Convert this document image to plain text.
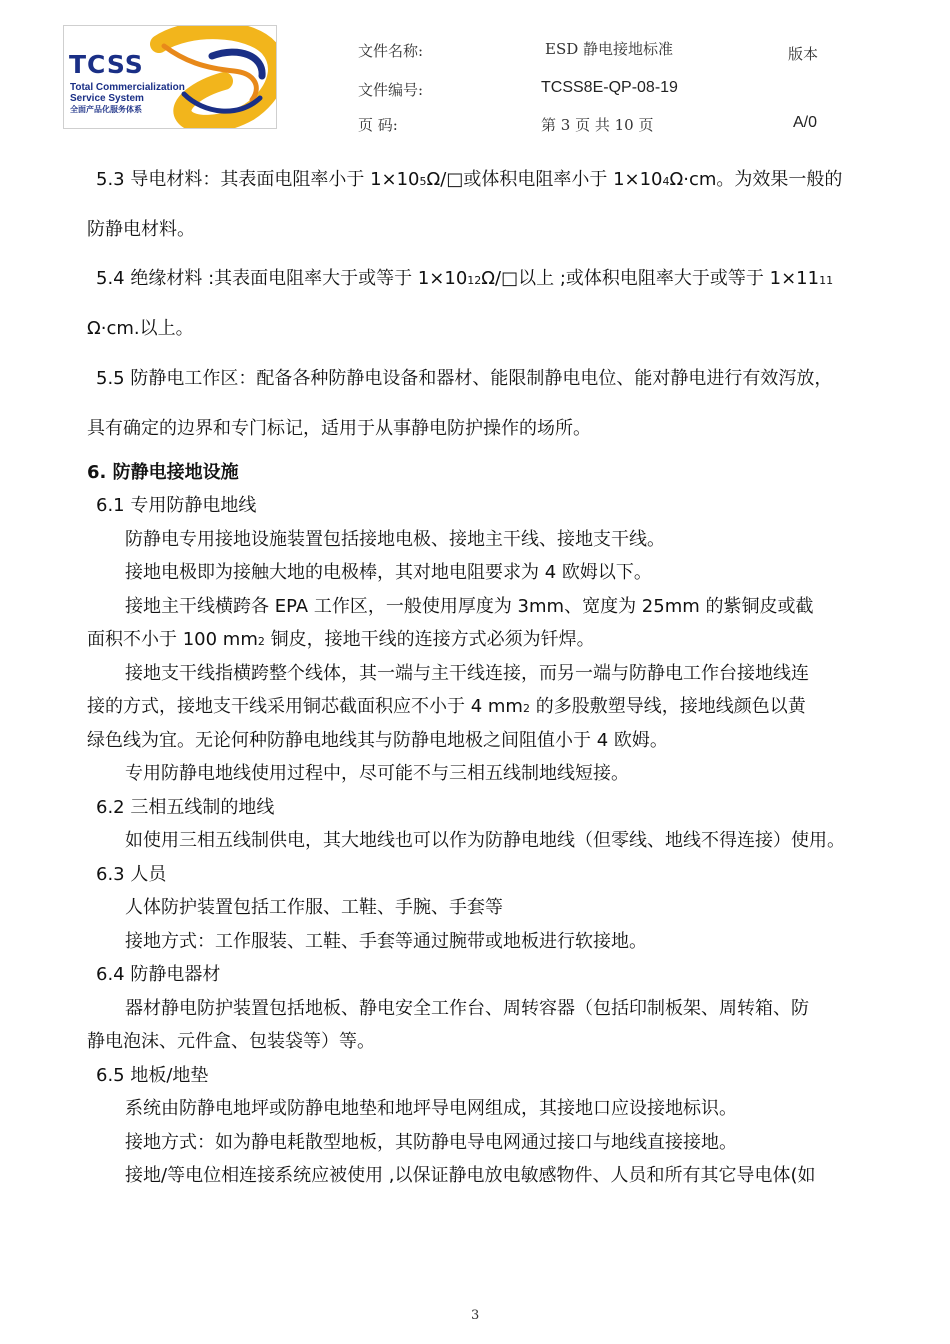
TCSS
Total Commercialization
Service System
全面产品化服务体系
文件名称:	ESD 静电接地标准	版本
文件编号:	TCSS8E-QP-08-19
页 码:	第 3 页 共 10 页	A/0
5.3 导电材料：其表面电阻率小于 1×105Ω/□或体积电阻率小于 1×104Ω·cm。为效果一般的
防静电材料。
5.4 绝缘材料 :其表面电阻率大于或等于 1×1012Ω/□以上 ;或体积电阻率大于或等于 1×1111
Ω·cm.以上。
5.5 防静电工作区：配备各种防静电设备和器材、能限制静电电位、能对静电进行有效泻放，
具有确定的边界和专门标记，适用于从事静电防护操作的场所。
6. 防静电接地设施
6.1 专用防静电地线
防静电专用接地设施装置包括接地电极、接地主干线、接地支干线。
接地电极即为接触大地的电极棒，其对地电阻要求为 4 欧姆以下。
接地主干线横跨各 EPA 工作区，一般使用厚度为 3mm、宽度为 25mm 的紫铜皮或截
面积不小于 100 mm2 铜皮，接地干线的连接方式必须为钎焊。
接地支干线指横跨整个线体，其一端与主干线连接，而另一端与防静电工作台接地线连
接的方式，接地支干线采用铜芯截面积应不小于 4 mm2 的多股敷塑导线，接地线颜色以黄
绿色线为宜。无论何种防静电地线其与防静电地极之间阻值小于 4 欧姆。
专用防静电地线使用过程中，尽可能不与三相五线制地线短接。
6.2 三相五线制的地线
如使用三相五线制供电，其大地线也可以作为防静电地线（但零线、地线不得连接）使用。
6.3 人员
人体防护装置包括工作服、工鞋、手腕、手套等
接地方式：工作服装、工鞋、手套等通过腕带或地板进行软接地。
6.4 防静电器材
器材静电防护装置包括地板、静电安全工作台、周转容器（包括印制板架、周转箱、防
静电泡沫、元件盒、包装袋等）等。
6.5 地板/地垫
系统由防静电地坪或防静电地垫和地坪导电网组成，其接地口应设接地标识。
接地方式：如为静电耗散型地板，其防静电导电网通过接口与地线直接接地。
接地/等电位相连接系统应被使用 ,以保证静电放电敏感物件、人员和所有其它导电体(如
3
